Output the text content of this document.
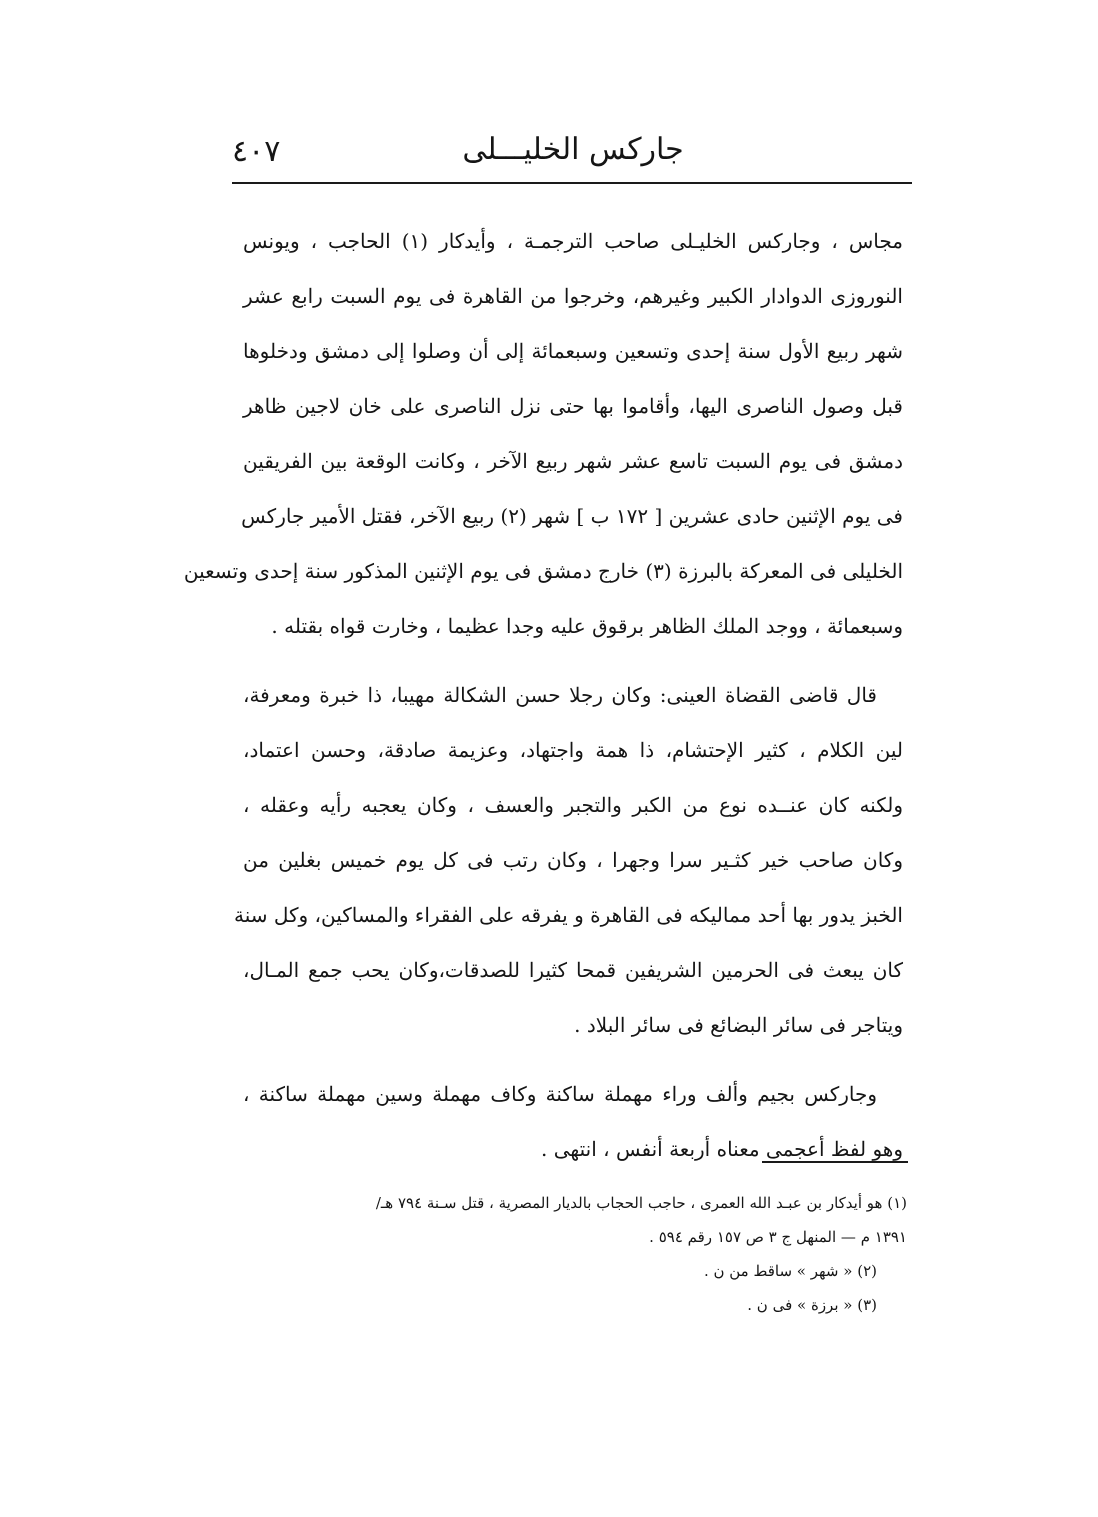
٤٠٧	جاركس الخليـــلى
مجاس ، وجاركس الخليـلى صاحب الترجمـة ، وأيدكار (١) الحاجب ، ويونس
النوروزى الدوادار الكبير وغيرهم، وخرجوا من القاهرة فى يوم السبت رابع عشر
شهر ربيع الأول سنة إحدى وتسعين وسبعمائة إلى أن وصلوا إلى دمشق ودخلوها
قبل وصول الناصرى اليها، وأقاموا بها حتى نزل الناصرى على خان لاجين ظاهر
دمشق فى يوم السبت تاسع عشر شهر ربيع الآخر ، وكانت الوقعة بين الفريقين
فى يوم الإثنين حادى عشرين [ ١٧٢ ب ] شهر (٢) ربيع الآخر، فقتل الأمير جاركس
الخليلى فى المعركة بالبرزة (٣) خارج دمشق فى يوم الإثنين المذكور سنة إحدى وتسعين
وسبعمائة ، ووجد الملك الظاهر برقوق عليه وجدا عظيما ، وخارت قواه بقتله .
قال قاضى القضاة العينى: وكان رجلا حسن الشكالة مهيبا، ذا خبرة ومعرفة،
لين الكلام ، كثير الإحتشام، ذا همة واجتهاد، وعزيمة صادقة، وحسن اعتماد،
ولكنه كان عنــده نوع من الكبر والتجبر والعسف ، وكان يعجبه رأيه وعقله ،
وكان صاحب خير كثـير سرا وجهرا ، وكان رتب فى كل يوم خميس بغلين من
الخبز يدور بها أحد مماليكه فى القاهرة و يفرقه على الفقراء والمساكين، وكل سنة
كان يبعث فى الحرمين الشريفين قمحا كثيرا للصدقات،وكان يحب جمع المـال،
ويتاجر فى سائر البضائع فى سائر البلاد .
وجاركس بجيم وألف وراء مهملة ساكنة وكاف مهملة وسين مهملة ساكنة ،
وهو لفظ أعجمى معناه أربعة أنفس ، انتهى .
(١) هو أيدكار بن عبـد الله العمرى ، حاجب الحجاب بالديار المصرية ، قتل سـنة ٧٩٤ هـ/
١٣٩١ م — المنهل ج ٣ ص ١٥٧ رقم ٥٩٤ .
(٢) « شهر » ساقط من ن .
(٣) « برزة » فى ن .
